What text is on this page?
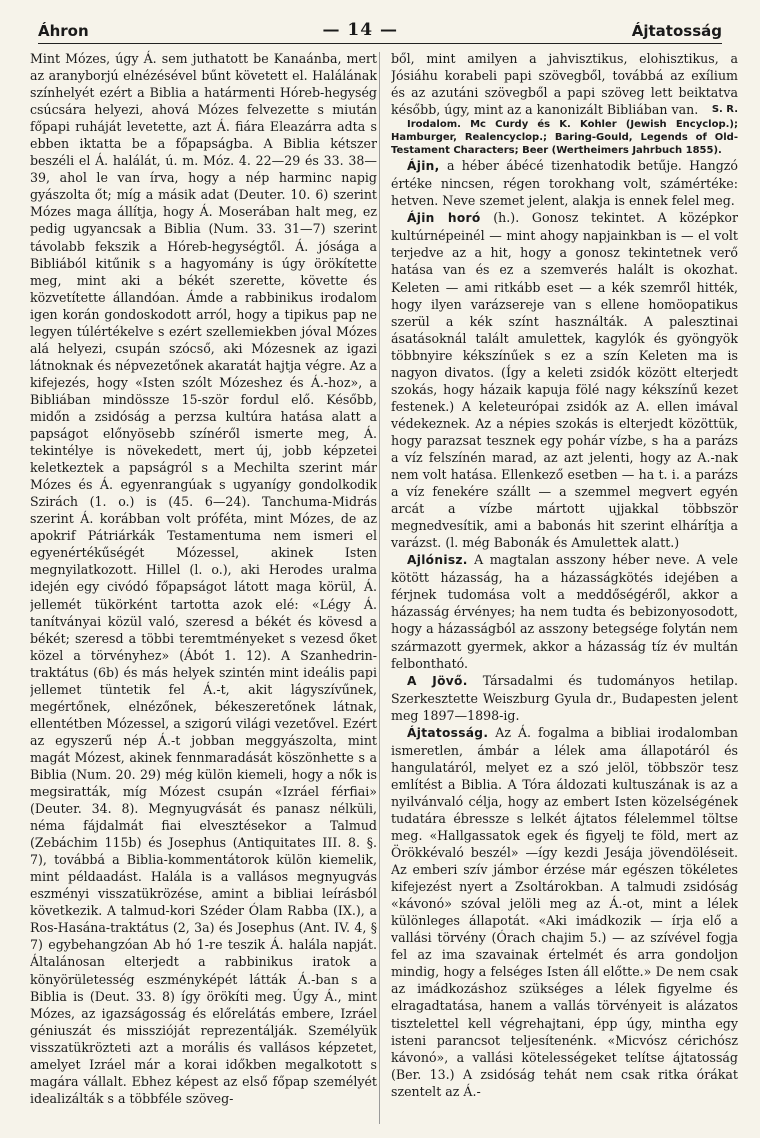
Áhron	— 14 —	Ájtatosság

Mint Mózes, úgy Á. sem juthatott be Kanaánba, mert az aranyborjú elnézésével bűnt követett el. Halálának színhelyét ezért a Biblia a határmenti Hóreb-hegység csúcsára helyezi, ahová Mózes felvezette s miután főpapi ruháját levetette, azt Á. fiára Eleazárra adta s ebben iktatta be a főpapságba. A Biblia kétszer beszéli el Á. halálát, ú. m. Móz. 4. 22—29 és 33. 38—39, ahol le van írva, hogy a nép harminc napig gyászolta őt; míg a másik adat (Deuter. 10. 6) szerint Mózes maga állítja, hogy Á. Moserában halt meg, ez pedig ugyancsak a Biblia (Num. 33. 31—7) szerint távolabb fekszik a Hóreb-hegységtől. Á. jósága a Bibliából kitűnik s a hagyomány is úgy örökítette meg, mint aki a békét szerette, követte és közvetítette állandóan. Ámde a rabbinikus irodalom igen korán gondoskodott arról, hogy a tipikus pap ne legyen túlértékelve s ezért szellemiekben jóval Mózes alá helyezi, csupán szócső, aki Mózesnek az igazi látnoknak és népvezetőnek akaratát hajtja végre. Az a kifejezés, hogy «Isten szólt Mózeshez és Á.-hoz», a Bibliában mindössze 15-ször fordul elő. Később, midőn a zsidóság a perzsa kultúra hatása alatt a papságot előnyösebb színéről ismerte meg, Á. tekintélye is növekedett, mert új, jobb képzetei keletkeztek a papságról s a Mechilta szerint már Mózes és Á. egyenrangúak s ugyanígy gondolkodik Szirách (1. o.) is (45. 6—24). Tanchuma-Midrás szerint Á. korábban volt próféta, mint Mózes, de az apokrif Pátriárkák Testamentuma nem ismeri el egyenértékűségét Mózessel, akinek Isten megnyilatkozott. Hillel (l. o.), aki Herodes uralma idején egy civódó főpapságot látott maga körül, Á. jellemét tükörként tartotta azok elé: «Légy Á. tanítványai közül való, szeresd a békét és kövesd a békét; szeresd a többi teremtményeket s vezesd őket közel a törvényhez» (Ábót 1. 12). A Szanhedrin-traktátus (6b) és más helyek szintén mint ideális papi jellemet tüntetik fel Á.-t, akit lágyszívűnek, megértőnek, elnézőnek, békeszeretőnek látnak, ellentétben Mózessel, a szigorú világi vezetővel. Ezért az egyszerű nép Á.-t jobban meggyászolta, mint magát Mózest, akinek fennmaradását köszönhette s a Biblia (Num. 20. 29) még külön kiemeli, hogy a nők is megsiratták, míg Mózest csupán «Izráel férfiai» (Deuter. 34. 8). Megnyugvását és panasz nélküli, néma fájdalmát fiai elvesztésekor a Talmud (Zebáchim 115b) és Josephus (Antiquitates III. 8. §. 7), továbbá a Biblia-kommentátorok külön kiemelik, mint példaadást. Halála is a vallásos megnyugvás eszményi visszatükrözése, amint a bibliai leírásból következik. A talmud-kori Széder Ólam Rabba (IX.), a Ros-Hasána-traktátus (2, 3a) és Josephus (Ant. IV. 4, § 7) egybehangzóan Ab hó 1-re teszik Á. halála napját. Általánosan elterjedt a rabbinikus iratok a könyörületesség eszményképét látták Á.-ban s a Biblia is (Deut. 33. 8) így örökíti meg. Úgy Á., mint Mózes, az igazságosság és előrelátás embere, Izráel géniuszát és misszióját reprezentálják. Személyük visszatükrözteti azt a morális és vallásos képzetet, amelyet Izráel már a korai időkben megalkotott s magára vállalt. Ebhez képest az első főpap személyét idealizálták s a többféle szöveg-

ből, mint amilyen a jahvisztikus, elohisztikus, a Jósiáhu korabeli papi szövegből, továbbá az exílium és az azutáni szövegből a papi szöveg lett beiktatva később, úgy, mint az a kanonizált Bibliában van. S. R.

Irodalom. Mc Curdy és K. Kohler (Jewish Encyclop.); Hamburger, Realencyclop.; Baring-Gould, Legends of Old-Testament Characters; Beer (Wertheimers Jahrbuch 1855).

Ájin, a héber ábécé tizenhatodik betűje. Hangzó értéke nincsen, régen torokhang volt, számértéke: hetven. Neve szemet jelent, alakja is ennek felel meg.

Ájin horó (h.). Gonosz tekintet. A középkor kultúrnépeinél — mint ahogy napjainkban is — el volt terjedve az a hit, hogy a gonosz tekintetnek verő hatása van és ez a szemverés halált is okozhat. Keleten — ami ritkább eset — a kék szemről hitték, hogy ilyen varázsereje van s ellene homöopatikus szerül a kék színt használták. A palesztinai ásatásoknál talált amulettek, kagylók és gyöngyök többnyire kékszínűek s ez a szín Keleten ma is nagyon divatos. (Így a keleti zsidók között elterjedt szokás, hogy házaik kapuja fölé nagy kékszínű kezet festenek.) A keleteurópai zsidók az A. ellen imával védekeznek. Az a népies szokás is elterjedt közöttük, hogy parazsat tesznek egy pohár vízbe, s ha a parázs a víz felszínén marad, az azt jelenti, hogy az A.-nak nem volt hatása. Ellenkező esetben — ha t. i. a parázs a víz fenekére szállt — a szemmel megvert egyén arcát a vízbe mártott ujjakkal többször megnedvesítik, ami a babonás hit szerint elhárítja a varázst. (l. még Babonák és Amulettek alatt.)

Ajlónisz. A magtalan asszony héber neve. A vele kötött házasság, ha a házasságkötés idejében a férjnek tudomása volt a meddőségéről, akkor a házasság érvényes; ha nem tudta és bebizonyosodott, hogy a házasságból az asszony betegsége folytán nem származott gyermek, akkor a házasság tíz év multán felbontható.

A Jövő. Társadalmi és tudományos hetilap. Szerkesztette Weiszburg Gyula dr., Budapesten jelent meg 1897—1898-ig.

Ájtatosság. Az Á. fogalma a bibliai irodalomban ismeretlen, ámbár a lélek ama állapotáról és hangulatáról, melyet ez a szó jelöl, többször tesz említést a Biblia. A Tóra áldozati kultuszának is az a nyilvánvaló célja, hogy az embert Isten közelségének tudatára ébressze s lelkét ájtatos félelemmel töltse meg. «Hallgassatok egek és figyelj te föld, mert az Örökkévaló beszél» —így kezdi Jesája jövendöléseit. Az emberi szív jámbor érzése már egészen tökéletes kifejezést nyert a Zsoltárokban. A talmudi zsidóság «kávonó» szóval jelöli meg az Á.-ot, mint a lélek különleges állapotát. «Aki imádkozik — írja elő a vallási törvény (Órach chajim 5.) — az szívével fogja fel az ima szavainak értelmét és arra gondoljon mindig, hogy a felséges Isten áll előtte.» De nem csak az imádkozáshoz szükséges a lélek figyelme és elragadtatása, hanem a vallás törvényeit is alázatos tisztelettel kell végrehajtani, épp úgy, mintha egy isteni parancsot teljesítenénk. «Micvósz cérichósz kávonó», a vallási kötelességeket telítse ájtatosság (Ber. 13.) A zsidóság tehát nem csak ritka órákat szentelt az Á.-
